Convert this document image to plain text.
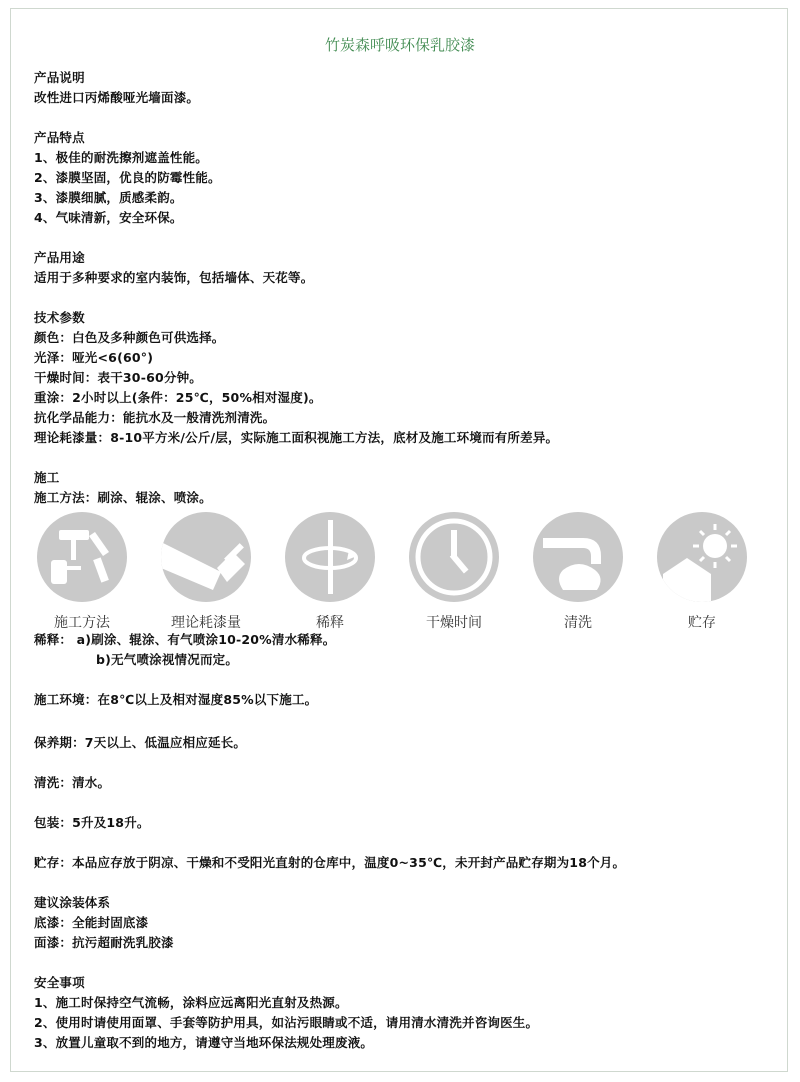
竹炭森呼吸环保乳胶漆
产品说明
改性进口丙烯酸哑光墙面漆。
产品特点
1、极佳的耐洗擦剂遮盖性能。
2、漆膜坚固，优良的防霉性能。
3、漆膜细腻，质感柔韵。
4、气味清新，安全环保。
产品用途
适用于多种要求的室内装饰，包括墙体、天花等。
技术参数
颜色：白色及多种颜色可供选择。
光泽：哑光<6(60°)
干燥时间：表干30-60分钟。
重涂：2小时以上(条件：25℃，50%相对湿度)。
抗化学品能力：能抗水及一般清洗剂清洗。
理论耗漆量：8-10平方米/公斤/层，实际施工面积视施工方法，底材及施工环境而有所差异。
施工
施工方法：刷涂、辊涂、喷涂。
施工方法	理论耗漆量	稀释	干燥时间	清洗	贮存
稀释： a)刷涂、辊涂、有气喷涂10-20%清水稀释。
b)无气喷涂视情况而定。
施工环境：在8℃以上及相对湿度85%以下施工。
保养期：7天以上、低温应相应延长。
清洗：清水。
包装：5升及18升。
贮存：本品应存放于阴凉、干燥和不受阳光直射的仓库中，温度0~35℃，未开封产品贮存期为18个月。
建议涂装体系
底漆：全能封固底漆
面漆：抗污超耐洗乳胶漆
安全事项
1、施工时保持空气流畅，涂料应远离阳光直射及热源。
2、使用时请使用面罩、手套等防护用具，如沾污眼睛或不适，请用清水清洗并咨询医生。
3、放置儿童取不到的地方，请遵守当地环保法规处理废液。
